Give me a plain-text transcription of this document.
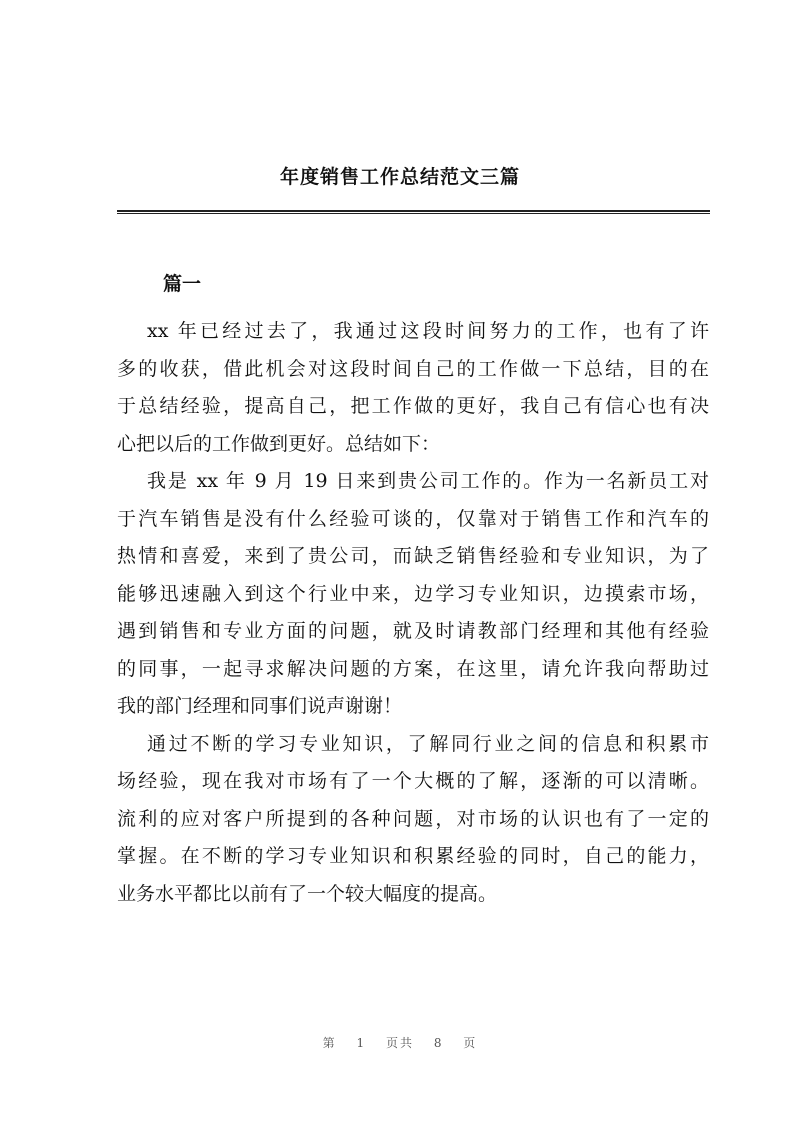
年度销售工作总结范文三篇
篇一
xx 年已经过去了，我通过这段时间努力的工作，也有了许
多的收获，借此机会对这段时间自己的工作做一下总结，目的在
于总结经验，提高自己，把工作做的更好，我自己有信心也有决
心把以后的工作做到更好。总结如下：
我是 xx 年 9 月 19 日来到贵公司工作的。作为一名新员工对
于汽车销售是没有什么经验可谈的，仅靠对于销售工作和汽车的
热情和喜爱，来到了贵公司，而缺乏销售经验和专业知识，为了
能够迅速融入到这个行业中来，边学习专业知识，边摸索市场，
遇到销售和专业方面的问题，就及时请教部门经理和其他有经验
的同事，一起寻求解决问题的方案，在这里，请允许我向帮助过
我的部门经理和同事们说声谢谢！
通过不断的学习专业知识，了解同行业之间的信息和积累市
场经验，现在我对市场有了一个大概的了解，逐渐的可以清晰。
流利的应对客户所提到的各种问题，对市场的认识也有了一定的
掌握。在不断的学习专业知识和积累经验的同时，自己的能力，
业务水平都比以前有了一个较大幅度的提高。
第 1 页共 8 页
